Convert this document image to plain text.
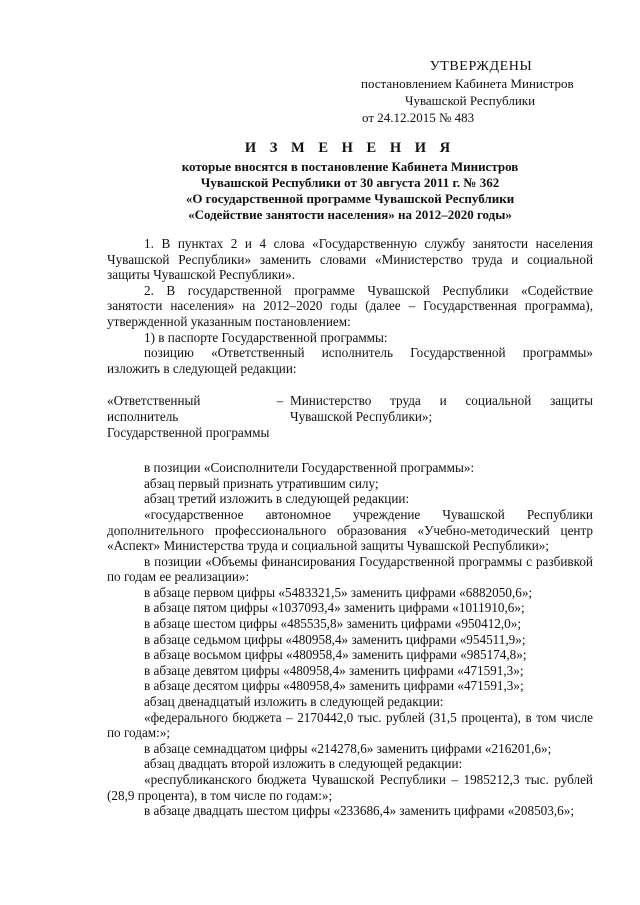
УТВЕРЖДЕНЫ
постановлением Кабинета Министров
Чувашской Республики
от 24.12.2015 № 483
И З М Е Н Е Н И Я
которые вносятся в постановление Кабинета Министров
Чувашской Республики от 30 августа 2011 г. № 362
«О государственной программе Чувашской Республики
«Содействие занятости населения» на 2012–2020 годы»

1. В пунктах 2 и 4 слова «Государственную службу занятости населения Чувашской Республики» заменить словами «Министерство труда и социальной защиты Чувашской Республики».

2. В государственной программе Чувашской Республики «Содействие занятости населения» на 2012–2020 годы (далее – Государственная программа), утвержденной указанным постановлением:

1) в паспорте Государственной программы:

позицию «Ответственный исполнитель Государственной программы» изложить в следующей редакции:

«Ответственный исполнитель Государственной программы
– Министерство труда и социальной защиты Чувашской Республики»;

в позиции «Соисполнители Государственной программы»:

абзац первый признать утратившим силу;

абзац третий изложить в следующей редакции:

«государственное автономное учреждение Чувашской Республики дополнительного профессионального образования «Учебно-методический центр «Аспект» Министерства труда и социальной защиты Чувашской Республики»;

в позиции «Объемы финансирования Государственной программы с разбивкой по годам ее реализации»:

в абзаце первом цифры «5483321,5» заменить цифрами «6882050,6»;

в абзаце пятом цифры «1037093,4» заменить цифрами «1011910,6»;

в абзаце шестом цифры «485535,8» заменить цифрами «950412,0»;

в абзаце седьмом цифры «480958,4» заменить цифрами «954511,9»;

в абзаце восьмом цифры «480958,4» заменить цифрами «985174,8»;

в абзаце девятом цифры «480958,4» заменить цифрами «471591,3»;

в абзаце десятом цифры «480958,4» заменить цифрами «471591,3»;

абзац двенадцатый изложить в следующей редакции:

«федерального бюджета – 2170442,0 тыс. рублей (31,5 процента), в том числе по годам:»;

в абзаце семнадцатом цифры «214278,6» заменить цифрами «216201,6»;

абзац двадцать второй изложить в следующей редакции:

«республиканского бюджета Чувашской Республики – 1985212,3 тыс. рублей (28,9 процента), в том числе по годам:»;

в абзаце двадцать шестом цифры «233686,4» заменить цифрами «208503,6»;
